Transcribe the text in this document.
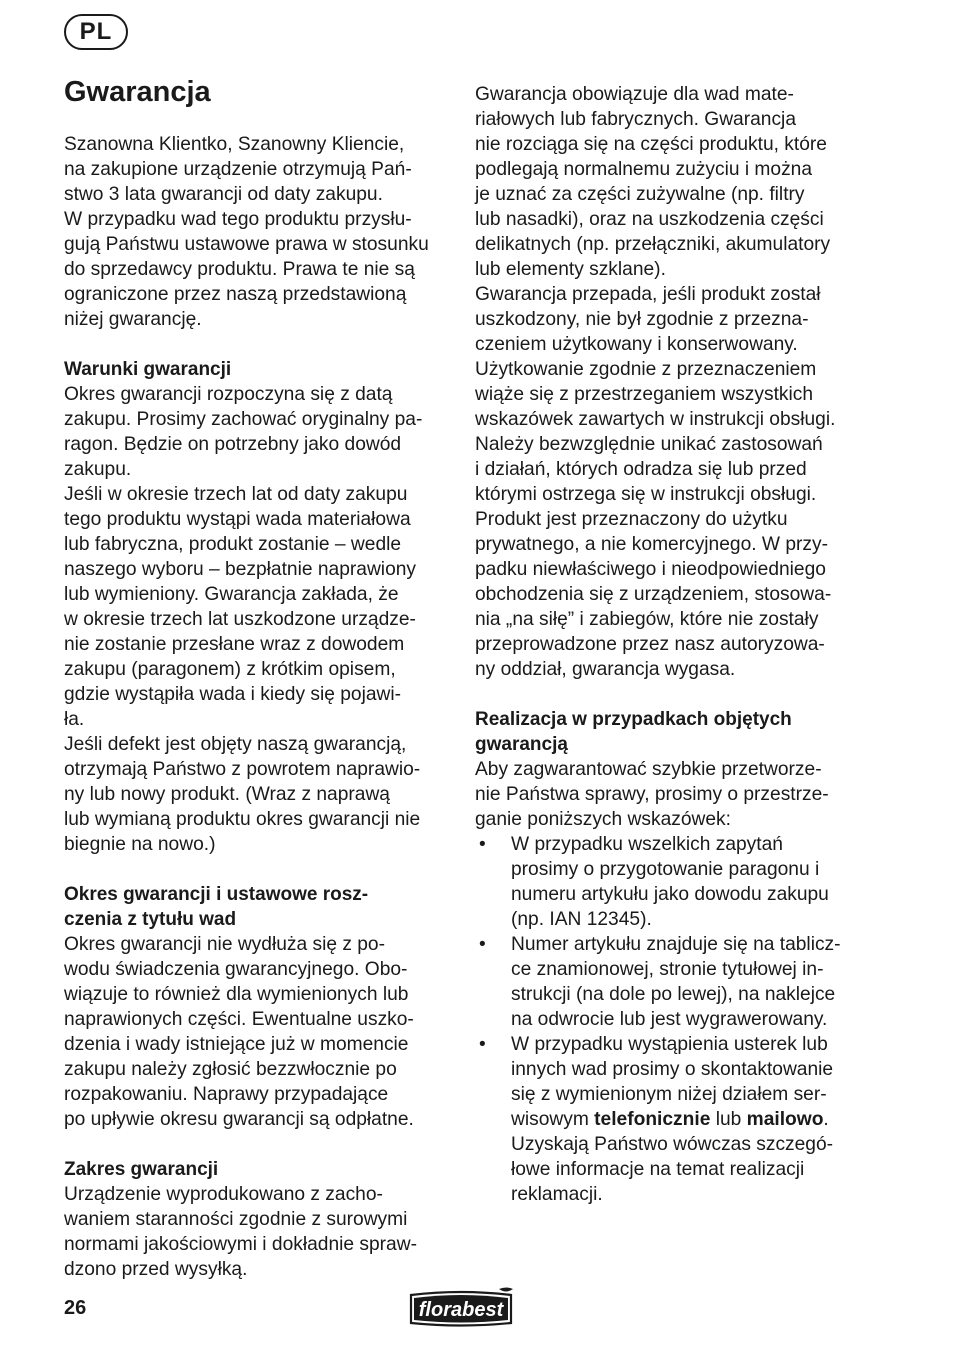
PL
Gwarancja

Szanowna Klientko, Szanowny Kliencie,
na zakupione urządzenie otrzymują Pań-
stwo 3 lata gwarancji od daty zakupu.
W przypadku wad tego produktu przysłu-
gują Państwu ustawowe prawa w stosunku
do sprzedawcy produktu. Prawa te nie są
ograniczone przez naszą przedstawioną
niżej gwarancję.

Warunki gwarancji

Okres gwarancji rozpoczyna się z datą
zakupu. Prosimy zachować oryginalny pa-
ragon. Będzie on potrzebny jako dowód
zakupu.
Jeśli w okresie trzech lat od daty zakupu
tego produktu wystąpi wada materiałowa
lub fabryczna, produkt zostanie – wedle
naszego wyboru – bezpłatnie naprawiony
lub wymieniony. Gwarancja zakłada, że
w okresie trzech lat uszkodzone urządze-
nie zostanie przesłane wraz z dowodem
zakupu (paragonem) z krótkim opisem,
gdzie wystąpiła wada i kiedy się pojawi-
ła.
Jeśli defekt jest objęty naszą gwarancją,
otrzymają Państwo z powrotem naprawio-
ny lub nowy produkt. (Wraz z naprawą
lub wymianą produktu okres gwarancji nie
biegnie na nowo.)

Okres gwarancji i ustawowe rosz-
czenia z tytułu wad

Okres gwarancji nie wydłuża się z po-
wodu świadczenia gwarancyjnego. Obo-
wiązuje to również dla wymienionych lub
naprawionych części. Ewentualne uszko-
dzenia i wady istniejące już w momencie
zakupu należy zgłosić bezzwłocznie po
rozpakowaniu. Naprawy przypadające
po upływie okresu gwarancji są odpłatne.

Zakres gwarancji

Urządzenie wyprodukowano z zacho-
waniem staranności zgodnie z surowymi
normami jakościowymi i dokładnie spraw-
dzono przed wysyłką.

Gwarancja obowiązuje dla wad mate-
riałowych lub fabrycznych. Gwarancja
nie rozciąga się na części produktu, które
podlegają normalnemu zużyciu i można
je uznać za części zużywalne (np. filtry
lub nasadki), oraz na uszkodzenia części
delikatnych (np. przełączniki, akumulatory
lub elementy szklane).
Gwarancja przepada, jeśli produkt został
uszkodzony, nie był zgodnie z przezna-
czeniem użytkowany i konserwowany.
Użytkowanie zgodnie z przeznaczeniem
wiąże się z przestrzeganiem wszystkich
wskazówek zawartych w instrukcji obsługi.
Należy bezwzględnie unikać zastosowań
i działań, których odradza się lub przed
którymi ostrzega się w instrukcji obsługi.
Produkt jest przeznaczony do użytku
prywatnego, a nie komercyjnego. W przy-
padku niewłaściwego i nieodpowiedniego
obchodzenia się z urządzeniem, stosowa-
nia „na siłę” i zabiegów, które nie zostały
przeprowadzone przez nasz autoryzowa-
ny oddział, gwarancja wygasa.

Realizacja w przypadkach objętych
gwarancją

Aby zagwarantować szybkie przetworze-
nie Państwa sprawy, prosimy o przestrze-
ganie poniższych wskazówek:

• W przypadku wszelkich zapytań
prosimy o przygotowanie paragonu i
numeru artykułu jako dowodu zakupu
(np. IAN 12345).
• Numer artykułu znajduje się na tablicz-
ce znamionowej, stronie tytułowej in-
strukcji (na dole po lewej), na naklejce
na odwrocie lub jest wygrawerowany.
• W przypadku wystąpienia usterek lub
innych wad prosimy o skontaktowanie
się z wymienionym niżej działem ser-
wisowym telefonicznie lub mailowo.
Uzyskają Państwo wówczas szczegó-
łowe informacje na temat realizacji
reklamacji.
26	florabest
